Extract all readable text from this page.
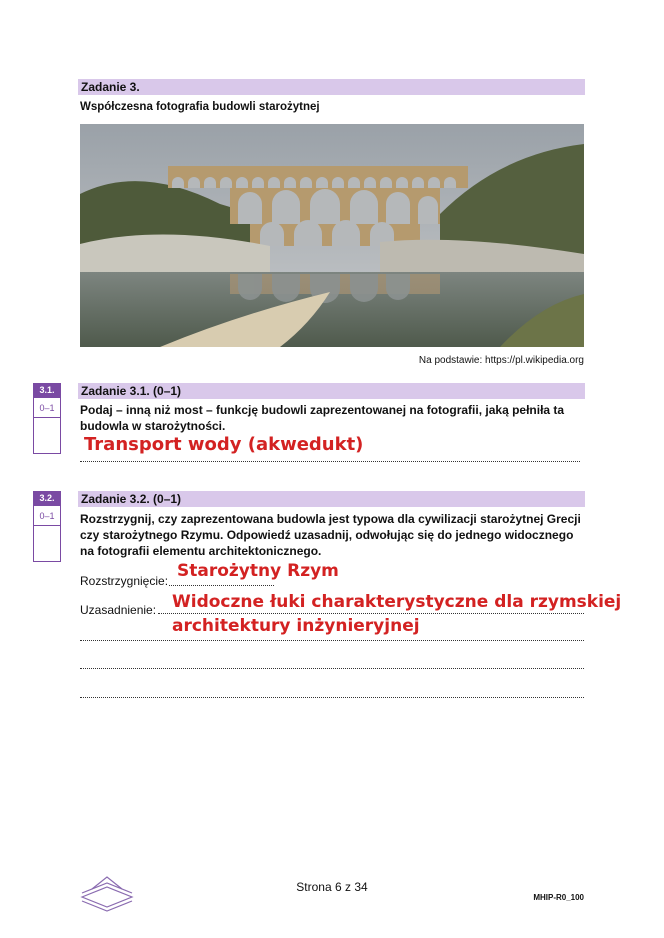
Zadanie 3.
Współczesna fotografia budowli starożytnej
Na podstawie: https://pl.wikipedia.org
3.1.
0–1
Zadanie 3.1. (0–1)
Podaj – inną niż most – funkcję budowli zaprezentowanej na fotografii, jaką pełniła ta budowla w starożytności.
Transport wody (akwedukt)
3.2.
0–1
Zadanie 3.2. (0–1)
Rozstrzygnij, czy zaprezentowana budowla jest typowa dla cywilizacji starożytnej Grecji czy starożytnego Rzymu. Odpowiedź uzasadnij, odwołując się do jednego widocznego na fotografii elementu architektonicznego.
Starożytny Rzym
Rozstrzygnięcie:
Uzasadnienie: Widoczne łuki charakterystyczne dla rzymskiej
architektury inżynieryjnej
Strona 6 z 34
MHIP-R0_100
